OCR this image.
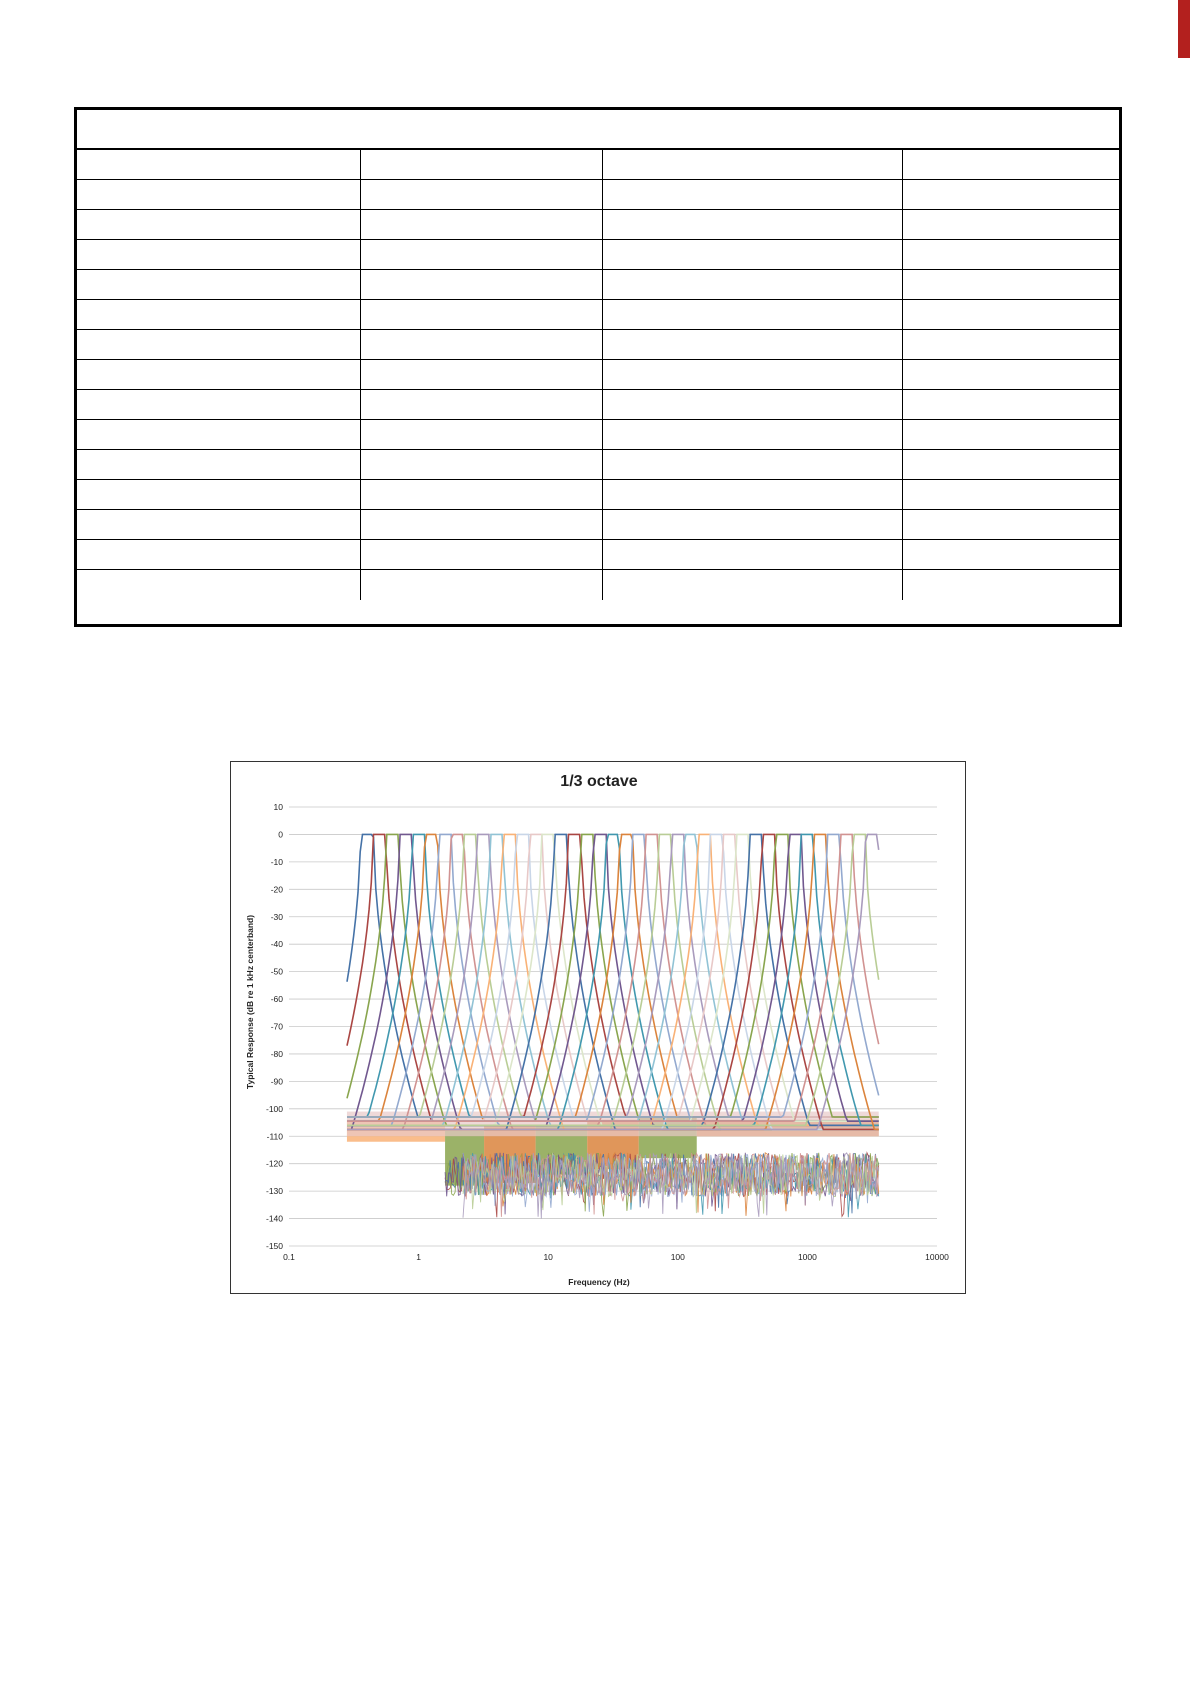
1/3 octave
10
0
-10
-20
-30
-40
-50
-60
-70
-80
-90
-100
-110
-120
-130
-140
-150
0.1	1	10	100	1000	10000
Frequency (Hz)
Typical Response (dB re 1 kHz centerband)
